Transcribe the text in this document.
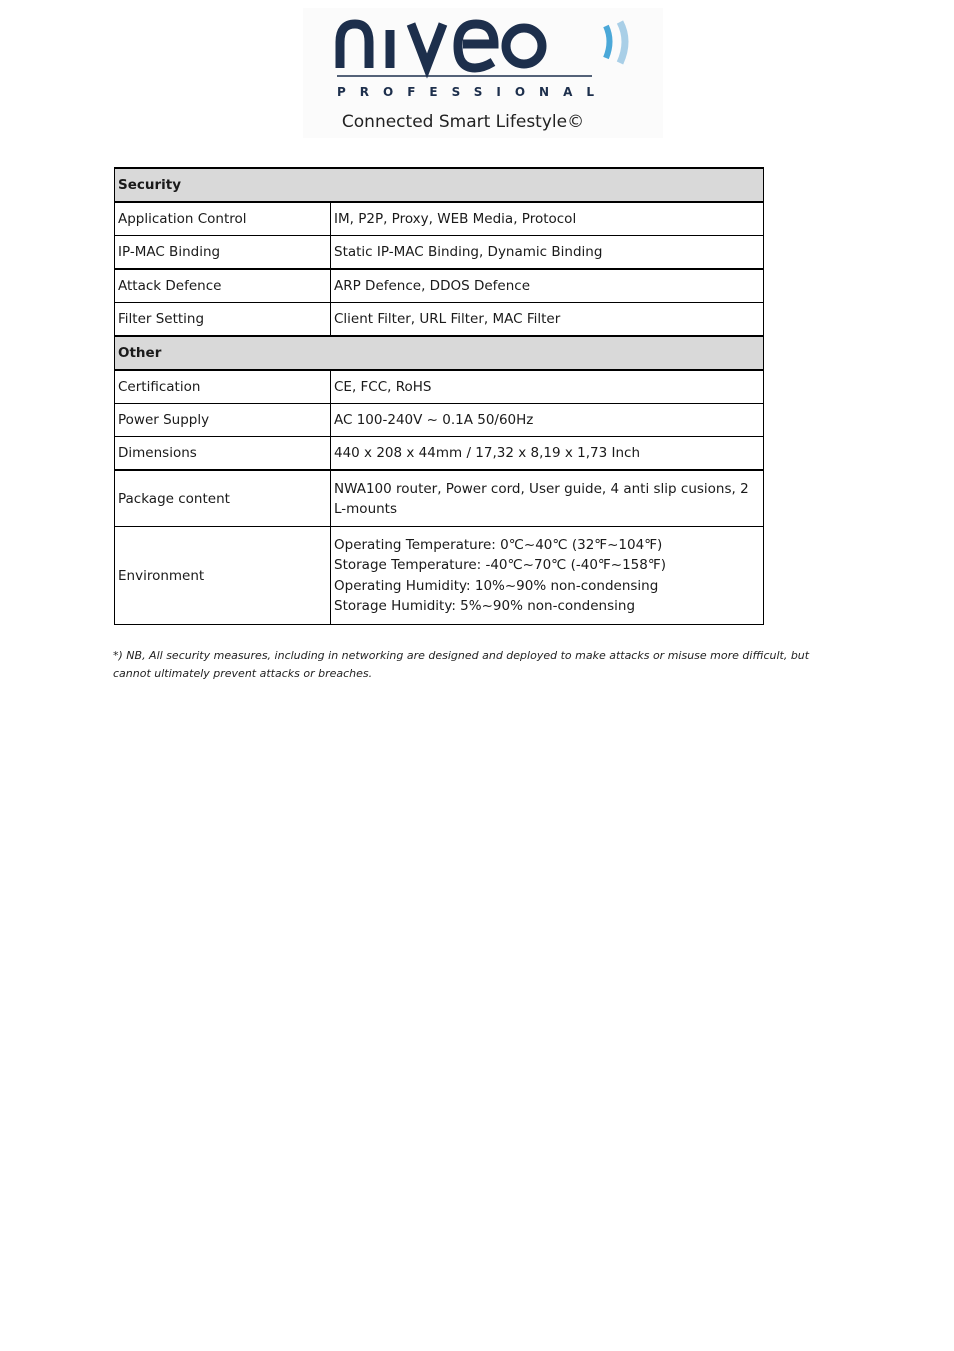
PROFESSIONAL
Connected Smart Lifestyle©
Security	
Application Control	IM, P2P, Proxy, WEB Media, Protocol
IP-MAC Binding	Static IP-MAC Binding, Dynamic Binding
Attack Defence	ARP Defence, DDOS Defence
Filter Setting	Client Filter, URL Filter, MAC Filter
Other	
Certification	CE, FCC, RoHS
Power Supply	AC 100-240V ~ 0.1A 50/60Hz
Dimensions	440 x 208 x 44mm / 17,32 x 8,19 x 1,73 Inch
Package content	NWA100 router, Power cord, User guide, 4 anti slip cusions, 2 L-mounts
Environment	Operating Temperature: 0℃~40℃ (32℉~104℉)
Storage Temperature: -40℃~70℃ (-40℉~158℉)
Operating Humidity: 10%~90% non-condensing
Storage Humidity: 5%~90% non-condensing
*) NB, All security measures, including in networking are designed and deployed to make attacks or misuse more difficult, but cannot ultimately prevent attacks or breaches.
